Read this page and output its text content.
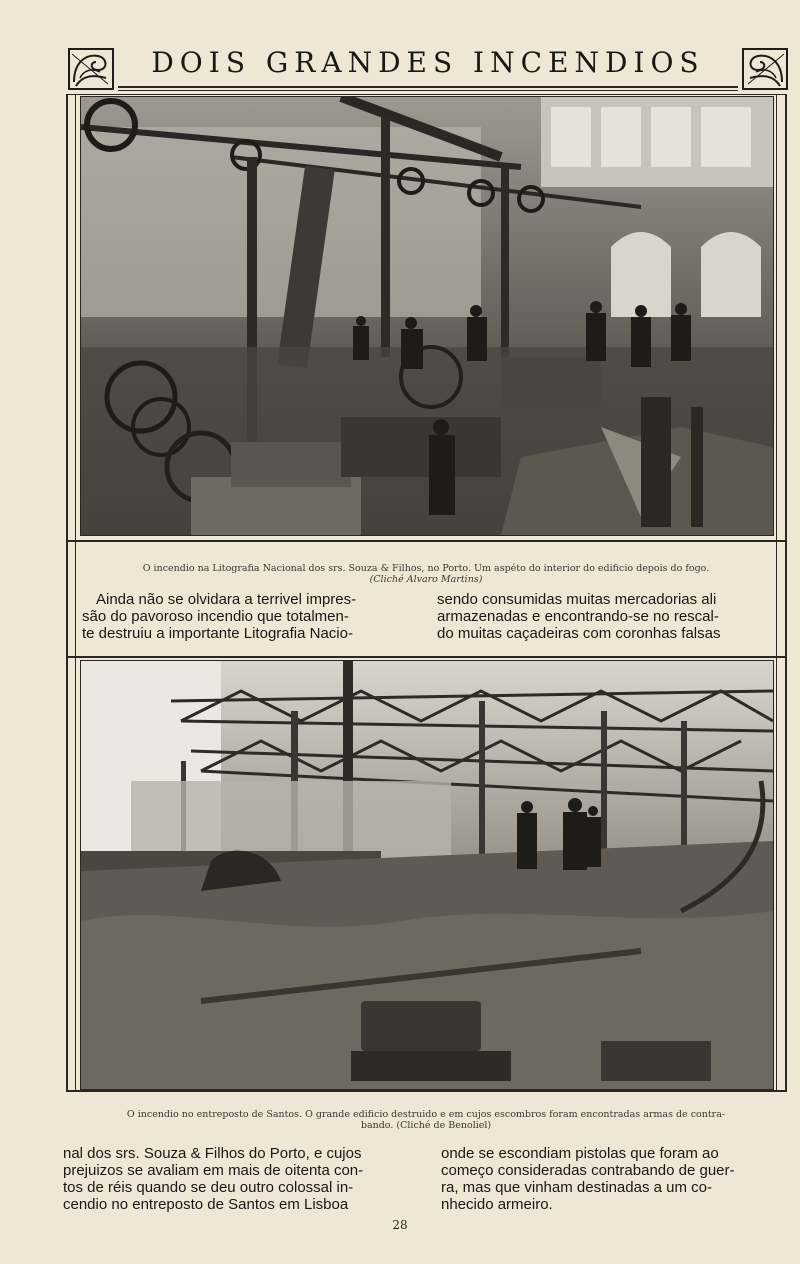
DOIS GRANDES INCENDIOS
O incendio na Litografia Nacional dos srs. Souza & Filhos, no Porto. Um aspéto do interior do edificio depois do fogo.
(Cliché Alvaro Martins)
Ainda não se olvidara a terrivel impres-
são do pavoroso incendio que totalmen-
te destruiu a importante Litografia Nacio-
sendo consumidas muitas mercadorias ali
armazenadas e encontrando-se no rescal-
do muitas caçadeiras com coronhas falsas
O incendio no entreposto de Santos. O grande edificio destruido e em cujos escombros foram encontradas armas de contra-
bando. (Cliché de Benoliel)
nal dos srs. Souza & Filhos do Porto, e cujos
prejuizos se avaliam em mais de oitenta con-
tos de réis quando se deu outro colossal in-
cendio no entreposto de Santos em Lisboa
onde se escondiam pistolas que foram ao
começo consideradas contrabando de guer-
ra, mas que vinham destinadas a um co-
nhecido armeiro.
28
